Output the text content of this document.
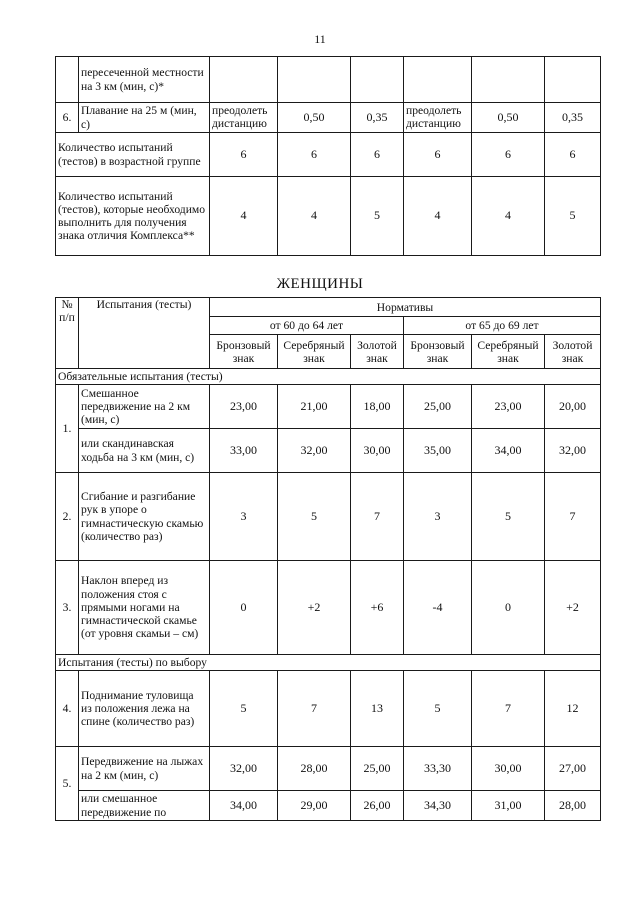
11
	пересеченной местности на 3 км (мин, с)*						
6.	Плавание на 25 м (мин, с)	преодолеть дистанцию	0,50	0,35	преодолеть дистанцию	0,50	0,35
Количество испытаний (тестов) в возрастной группе		6	6	6	6	6	6
Количество испытаний (тестов), которые необходимо выполнить для получения знака отличия Комплекса**		4	4	5	4	4	5
ЖЕНЩИНЫ
№ п/п	Испытания (тесты)	Нормативы					
		от 60 до 64 лет			от 65 до 69 лет		
		Бронзовый знак	Серебряный знак	Золотой знак	Бронзовый знак	Серебряный знак	Золотой знак
Обязательные испытания (тесты)							
1.	Смешанное передвижение на 2 км (мин, с)	23,00	21,00	18,00	25,00	23,00	20,00
	или скандинавская ходьба на 3 км (мин, с)	33,00	32,00	30,00	35,00	34,00	32,00
2.	Сгибание и разгибание рук в упоре о гимнастическую скамью (количество раз)	3	5	7	3	5	7
3.	Наклон вперед из положения стоя с прямыми ногами на гимнастической скамье (от уровня скамьи – см)	0	+2	+6	-4	0	+2
Испытания (тесты) по выбору							
4.	Поднимание туловища из положения лежа на спине (количество раз)	5	7	13	5	7	12
5.	Передвижение на лыжах на 2 км (мин, с)	32,00	28,00	25,00	33,30	30,00	27,00
	или смешанное передвижение по	34,00	29,00	26,00	34,30	31,00	28,00
